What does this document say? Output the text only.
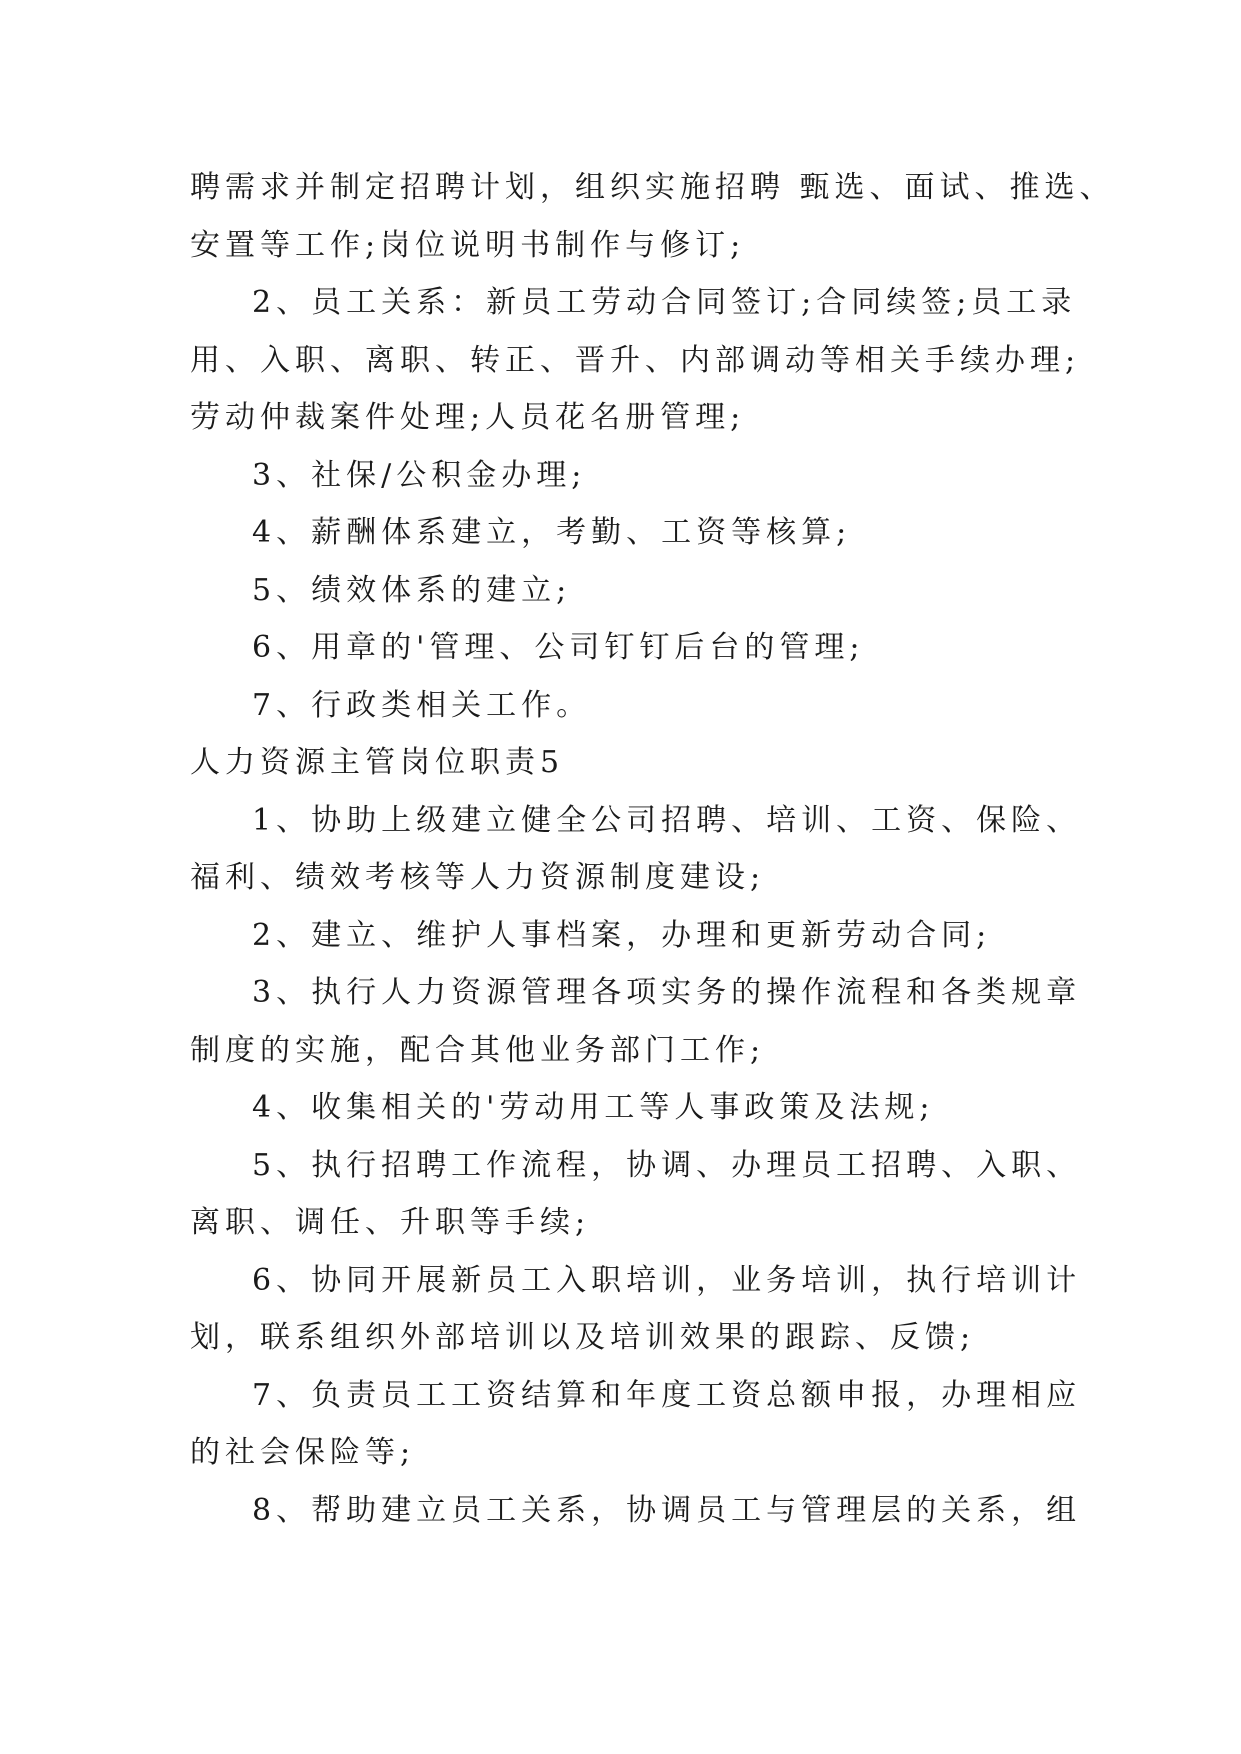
聘需求并制定招聘计划，组织实施招聘 甄选、面试、推选、
安置等工作;岗位说明书制作与修订;
2、员工关系：新员工劳动合同签订;合同续签;员工录
用、入职、离职、转正、晋升、内部调动等相关手续办理;
劳动仲裁案件处理;人员花名册管理;
3、社保/公积金办理;
4、薪酬体系建立，考勤、工资等核算;
5、绩效体系的建立;
6、用章的'管理、公司钉钉后台的管理;
7、行政类相关工作。
人力资源主管岗位职责5
1、协助上级建立健全公司招聘、培训、工资、保险、
福利、绩效考核等人力资源制度建设;
2、建立、维护人事档案，办理和更新劳动合同;
3、执行人力资源管理各项实务的操作流程和各类规章
制度的实施，配合其他业务部门工作;
4、收集相关的'劳动用工等人事政策及法规;
5、执行招聘工作流程，协调、办理员工招聘、入职、
离职、调任、升职等手续;
6、协同开展新员工入职培训，业务培训，执行培训计
划，联系组织外部培训以及培训效果的跟踪、反馈;
7、负责员工工资结算和年度工资总额申报，办理相应
的社会保险等;
8、帮助建立员工关系，协调员工与管理层的关系，组
